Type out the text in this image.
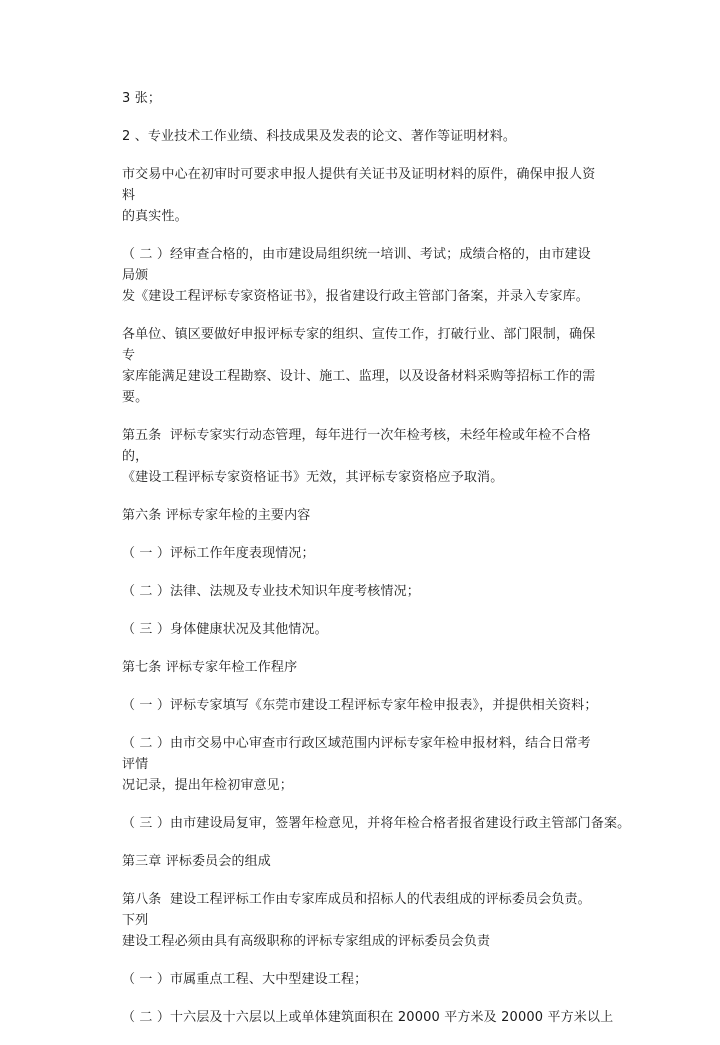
3 张；

2 、专业技术工作业绩、科技成果及发表的论文、著作等证明材料。

市交易中心在初审时可要求申报人提供有关证书及证明材料的原件，确保申报人资料
的真实性。

（ 二 ）经审查合格的，由市建设局组织统一培训、考试；成绩合格的，由市建设局颁
发《建设工程评标专家资格证书》，报省建设行政主管部门备案，并录入专家库。

各单位、镇区要做好申报评标专家的组织、宣传工作，打破行业、部门限制，确保专
家库能满足建设工程勘察、设计、施工、监理，以及设备材料采购等招标工作的需要。

第五条  评标专家实行动态管理，每年进行一次年检考核，未经年检或年检不合格的，
《建设工程评标专家资格证书》无效，其评标专家资格应予取消。

第六条 评标专家年检的主要内容

（ 一 ）评标工作年度表现情况；

（ 二 ）法律、法规及专业技术知识年度考核情况；

（ 三 ）身体健康状况及其他情况。

第七条 评标专家年检工作程序

（ 一 ）评标专家填写《东莞市建设工程评标专家年检申报表》，并提供相关资料；

（ 二 ）由市交易中心审查市行政区域范围内评标专家年检申报材料，结合日常考评情
况记录，提出年检初审意见；

（ 三 ）由市建设局复审，签署年检意见，并将年检合格者报省建设行政主管部门备案。

第三章 评标委员会的组成

第八条  建设工程评标工作由专家库成员和招标人的代表组成的评标委员会负责。下列
建设工程必须由具有高级职称的评标专家组成的评标委员会负责

（ 一 ）市属重点工程、大中型建设工程；

（ 二 ）十六层及十六层以上或单体建筑面积在 20000 平方米及 20000 平方米以上
